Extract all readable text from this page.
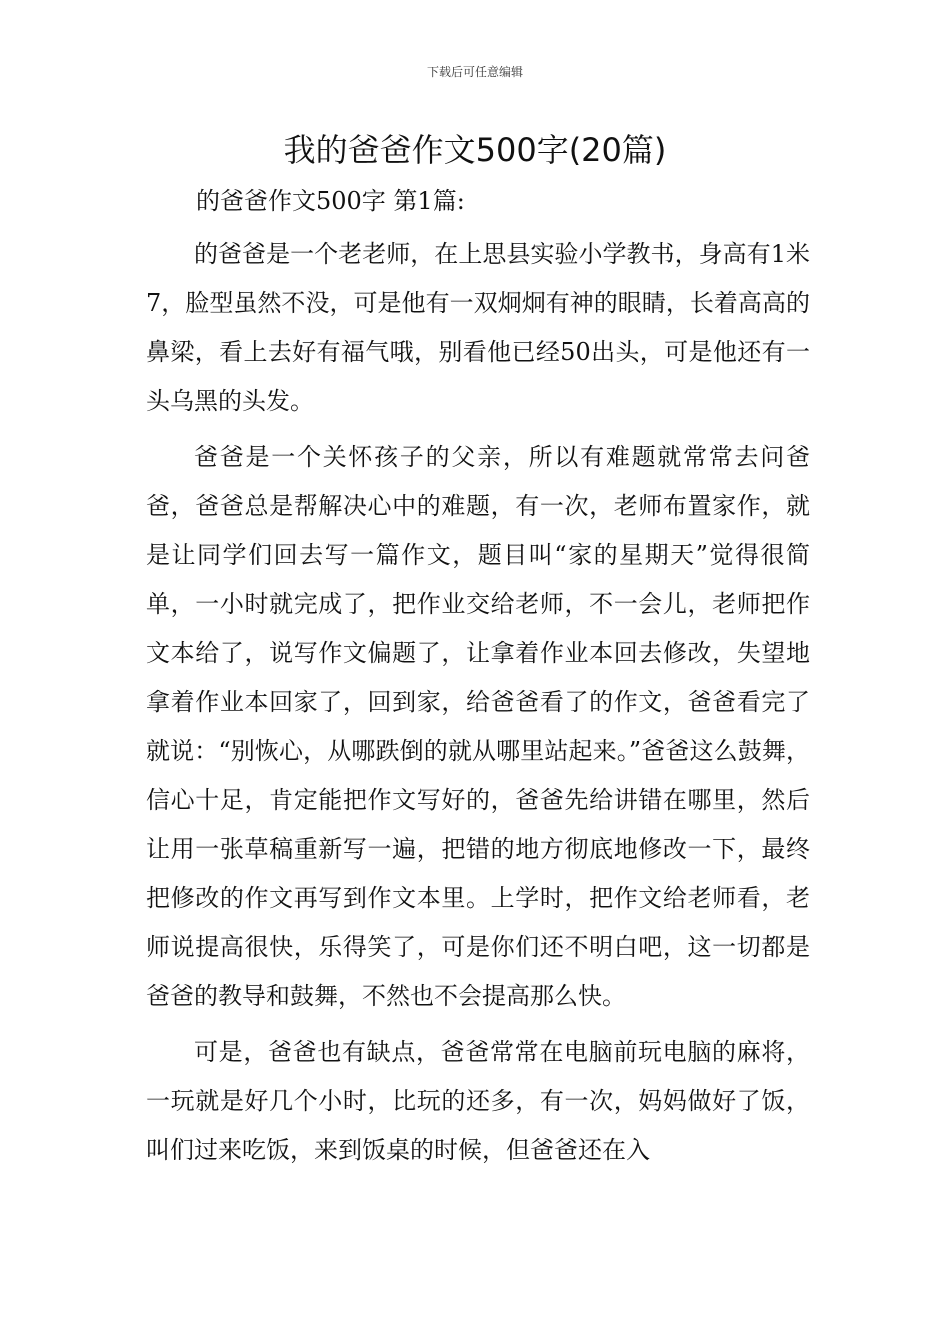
下载后可任意编辑
我的爸爸作文500字(20篇)

的爸爸作文500字 第1篇:

的爸爸是一个老老师，在上思县实验小学教书，身高有1米7，脸型虽然不没，可是他有一双炯炯有神的眼睛，长着高高的鼻梁，看上去好有福气哦，别看他已经50出头，可是他还有一头乌黑的头发。

爸爸是一个关怀孩子的父亲，所以有难题就常常去问爸爸，爸爸总是帮解决心中的难题，有一次，老师布置家作，就是让同学们回去写一篇作文，题目叫“家的星期天”觉得很简单，一小时就完成了，把作业交给老师，不一会儿，老师把作文本给了，说写作文偏题了，让拿着作业本回去修改，失望地拿着作业本回家了，回到家，给爸爸看了的作文，爸爸看完了就说：“别恢心，从哪跌倒的就从哪里站起来。”爸爸这么鼓舞，信心十足，肯定能把作文写好的，爸爸先给讲错在哪里，然后让用一张草稿重新写一遍，把错的地方彻底地修改一下，最终把修改的作文再写到作文本里。上学时，把作文给老师看，老师说提高很快，乐得笑了，可是你们还不明白吧，这一切都是爸爸的教导和鼓舞，不然也不会提高那么快。

可是，爸爸也有缺点，爸爸常常在电脑前玩电脑的麻将，一玩就是好几个小时，比玩的还多，有一次，妈妈做好了饭，叫们过来吃饭，来到饭桌的时候，但爸爸还在入
